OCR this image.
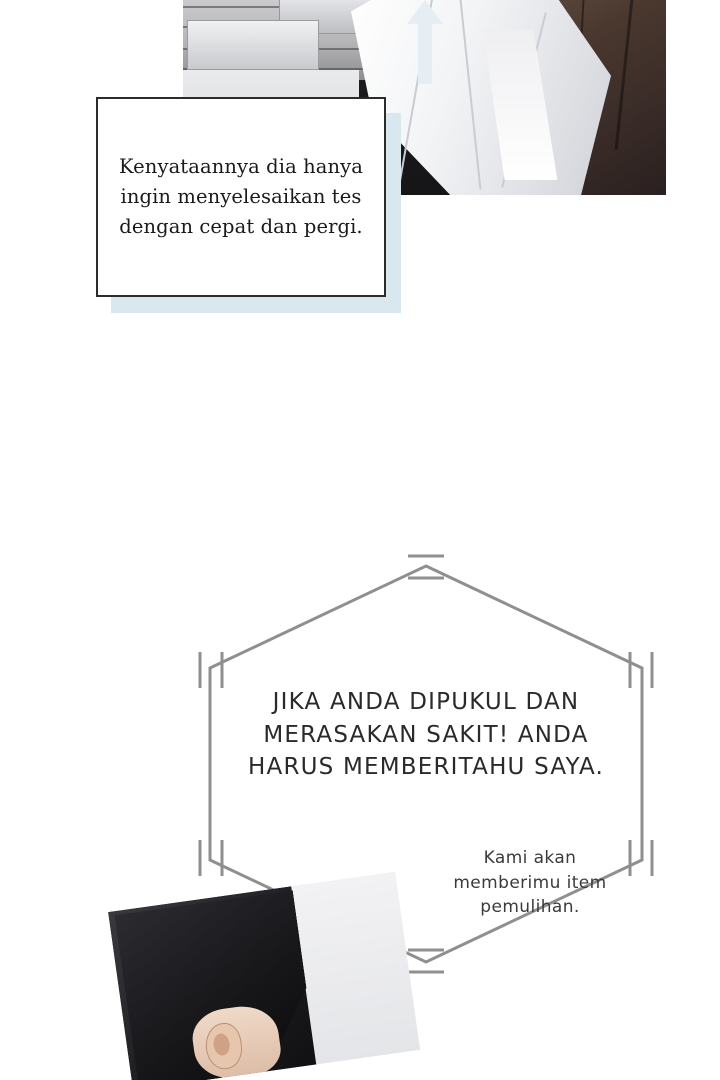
Kenyataannya dia hanya ingin menyelesaikan tes dengan cepat dan pergi.
JIKA ANDA DIPUKUL DAN MERASAKAN SAKIT! ANDA HARUS MEMBERITAHU SAYA.
Kami akan memberimu item pemulihan.
